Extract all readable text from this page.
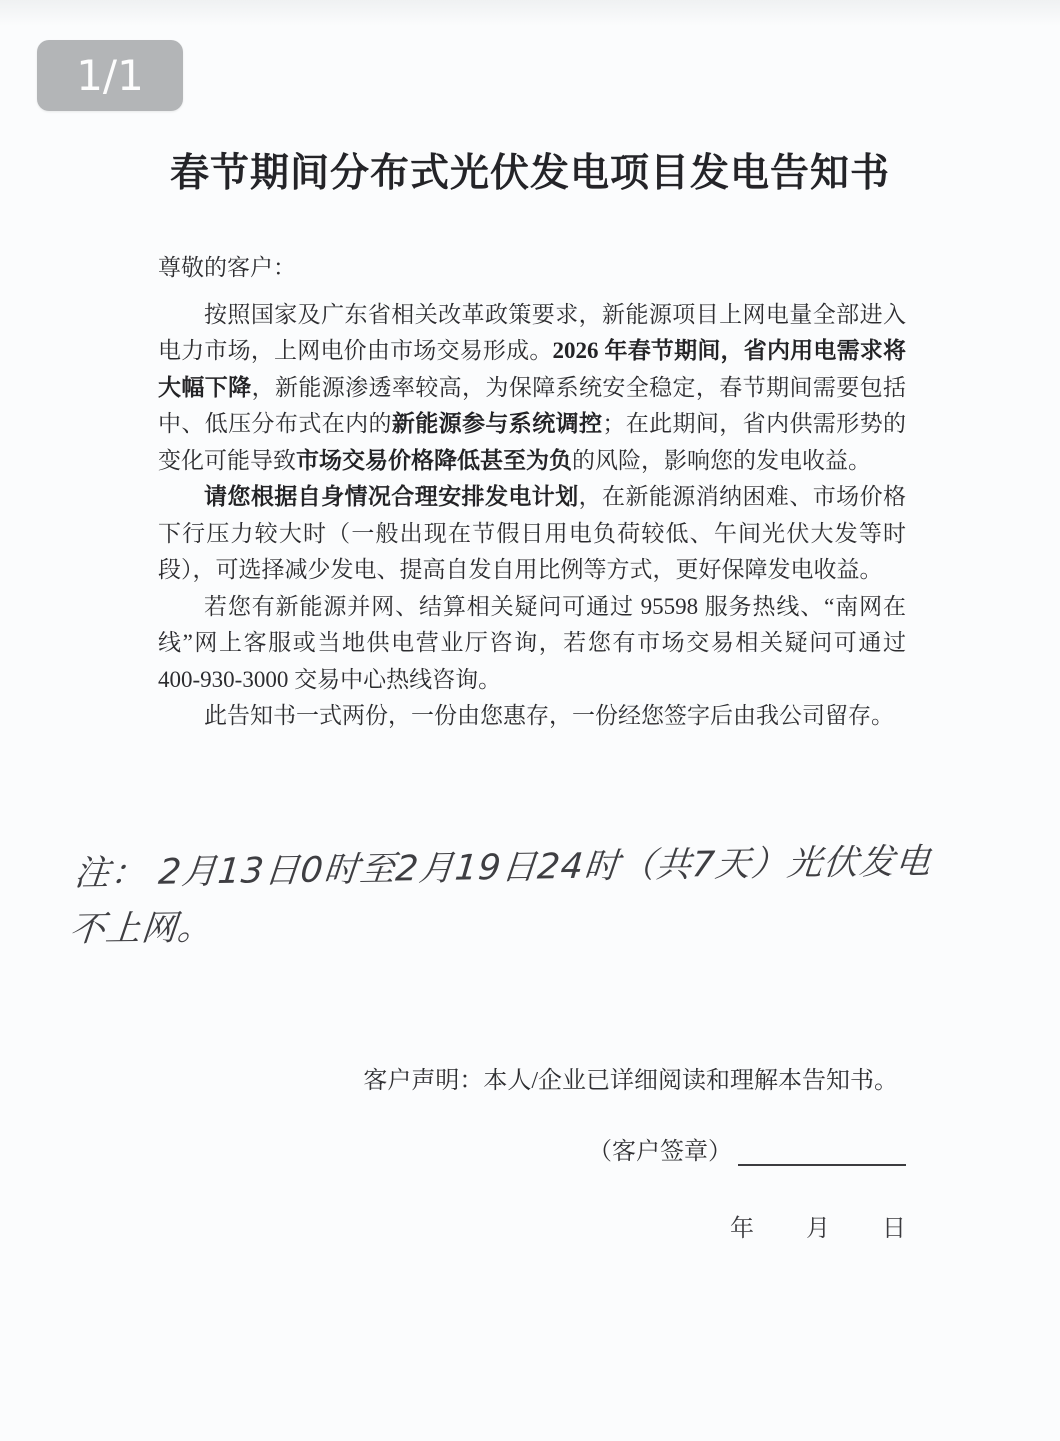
1/1
春节期间分布式光伏发电项目发电告知书

尊敬的客户：

按照国家及广东省相关改革政策要求，新能源项目上网电量全部进入电力市场，上网电价由市场交易形成。2026 年春节期间，省内用电需求将大幅下降，新能源渗透率较高，为保障系统安全稳定，春节期间需要包括中、低压分布式在内的新能源参与系统调控；在此期间，省内供需形势的变化可能导致市场交易价格降低甚至为负的风险，影响您的发电收益。

请您根据自身情况合理安排发电计划，在新能源消纳困难、市场价格下行压力较大时（一般出现在节假日用电负荷较低、午间光伏大发等时段），可选择减少发电、提高自发自用比例等方式，更好保障发电收益。

若您有新能源并网、结算相关疑问可通过 95598 服务热线、“南网在线”网上客服或当地供电营业厅咨询，若您有市场交易相关疑问可通过 400-930-3000 交易中心热线咨询。

此告知书一式两份，一份由您惠存，一份经您签字后由我公司留存。

注： 2月13日0时至2月19日24时（共7天）光伏发电不上网。

客户声明：本人/企业已详细阅读和理解本告知书。

（客户签章）
年 月 日
